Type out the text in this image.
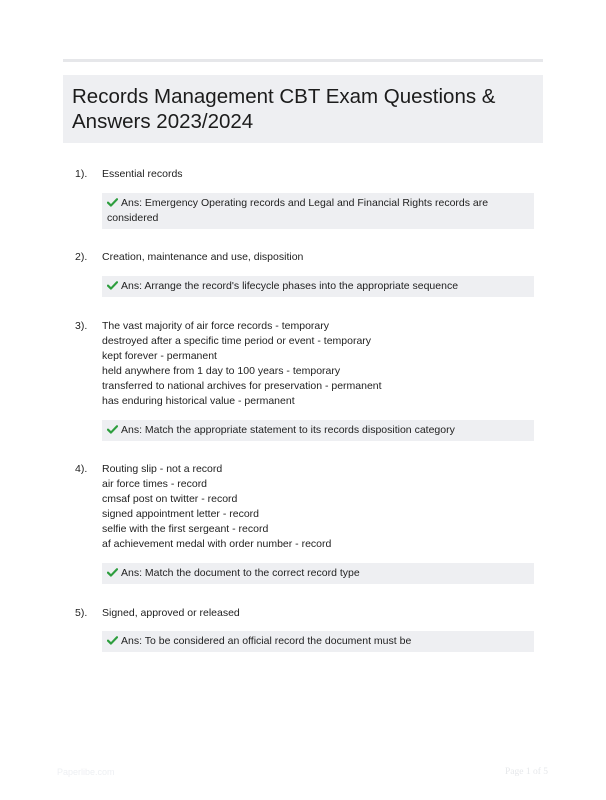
Records Management CBT Exam Questions &
Answers 2023/2024
1). Essential records
Ans: Emergency Operating records and Legal and Financial Rights records are considered
2). Creation, maintenance and use, disposition
Ans: Arrange the record's lifecycle phases into the appropriate sequence
3). The vast majority of air force records - temporary
destroyed after a specific time period or event - temporary
kept forever - permanent
held anywhere from 1 day to 100 years - temporary
transferred to national archives for preservation - permanent
has enduring historical value - permanent
Ans: Match the appropriate statement to its records disposition category
4). Routing slip - not a record
air force times - record
cmsaf post on twitter - record
signed appointment letter - record
selfie with the first sergeant - record
af achievement medal with order number - record
Ans: Match the document to the correct record type
5). Signed, approved or released
Ans: To be considered an official record the document must be
Paperlibe.com	Page 1 of 5
